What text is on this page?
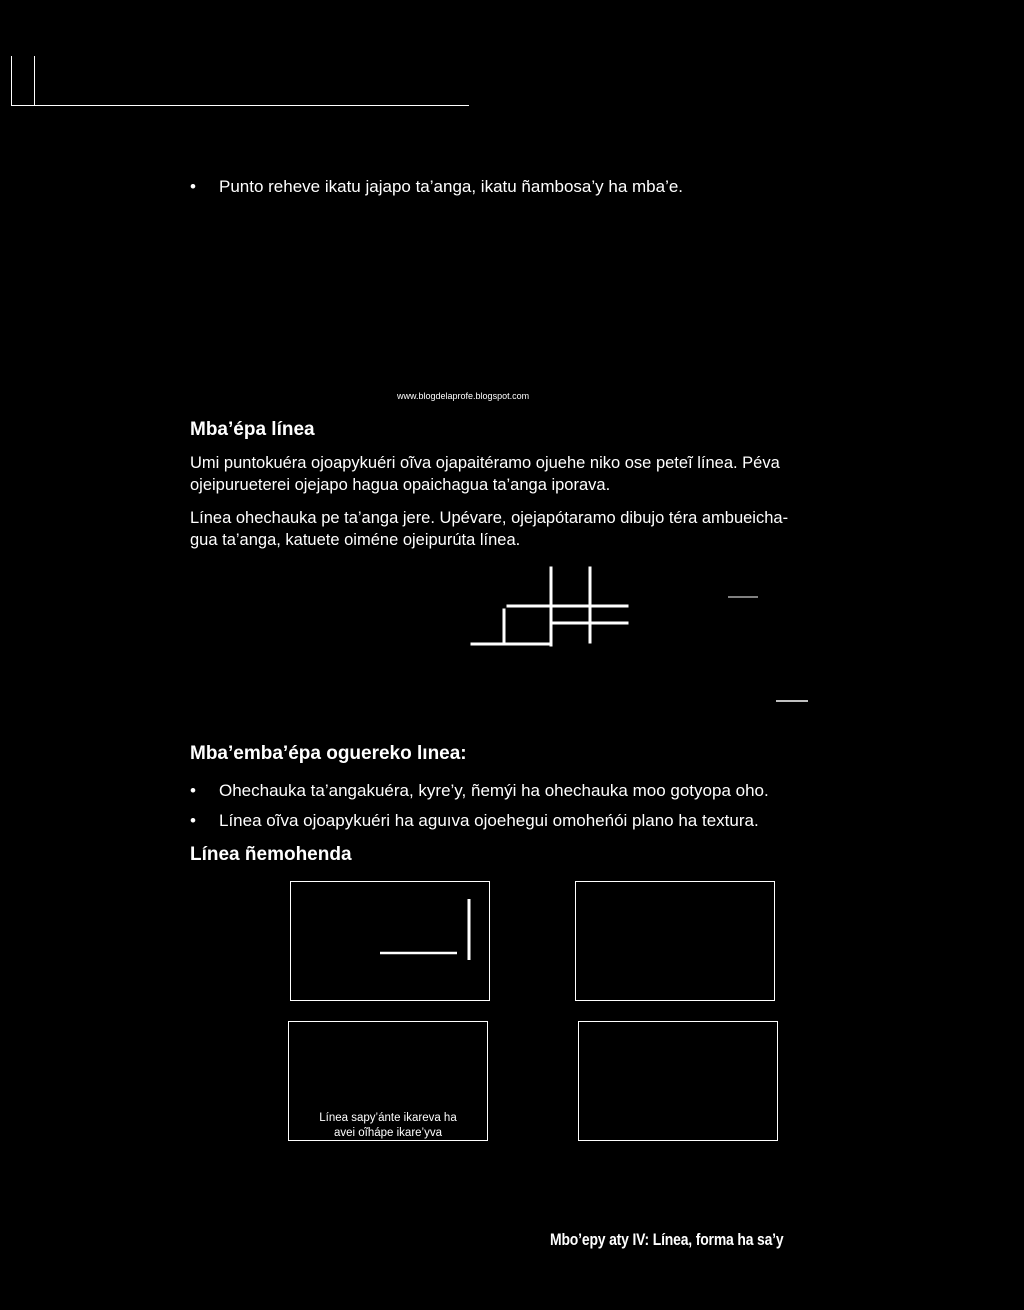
• Punto reheve ikatu jajapo ta’anga, ikatu ñambosa’y ha mba’e.
www.blogdelaprofe.blogspot.com
Mba’épa línea

Umi puntokuéra ojoapykuéri oĩva ojapaitéramo ojuehe niko ose peteĩ línea. Péva ojeipurueterei ojejapo hagua opaichagua ta’anga iporava.

Línea ohechauka pe ta’anga jere. Upévare, ojejapótaramo dibujo téra ambueicha-

gua ta’anga, katuete oiméne ojeipurúta línea.

Mba’emba’épa oguereko lınea:
• Ohechauka ta’angakuéra, kyre’y, ñemýi ha ohechauka moo gotyopa oho.
• Línea oĩva ojoapykuéri ha aguıva ojoehegui omoheńói plano ha textura.
Línea ñemohenda
Línea sapy’ánte ikareva ha
avei oĩháре ikare’yva
Mbo’epy aty IV: Línea, forma ha sa’y
